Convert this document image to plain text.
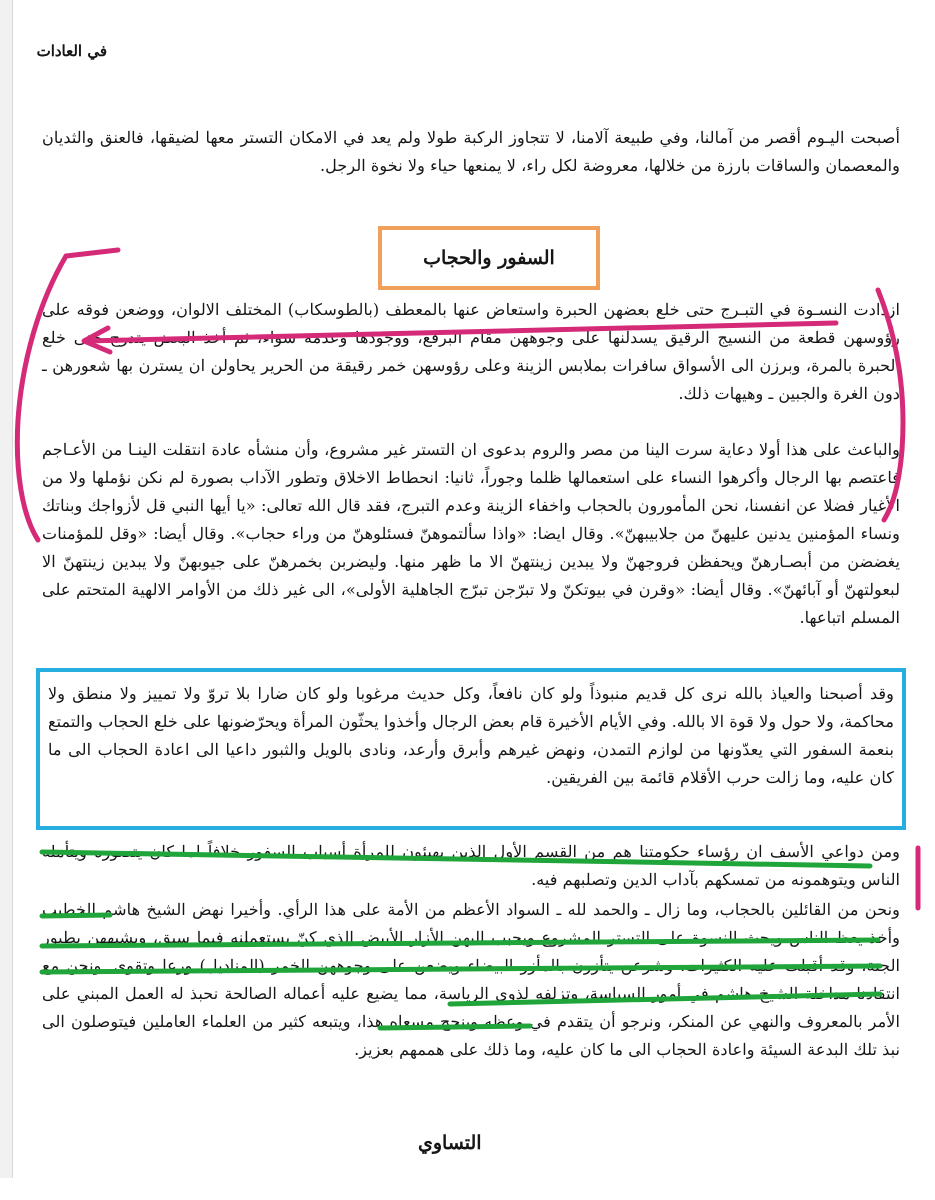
في العادات

أصبحت اليـوم أقصر من آمالنا، وفي طبيعة آلامنا، لا تتجاوز الركبة طولا ولم يعد في الامكان التستر معها لضيقها، فالعنق والثديان والمعصمان والساقات بارزة من خلالها، معروضة لكل راء، لا يمنعها حياء ولا نخوة الرجل.

السفور والحجاب

ازدادت النسـوة في التبـرج حتى خلع بعضهن الحبرة واستعاض عنها بالمعطف (بالطوسكاب) المختلف الالوان، ووضعن فوقه على رؤوسهن قطعة من النسيج الرقيق يسدلنها على وجوههن مقام البرقع، ووجودها وعدمه سواء، ثم أخذ البعض يتدرج حتى خلع الحبرة بالمرة، وبرزن الى الأسواق سافرات بملابس الزينة وعلى رؤوسهن خمر رقيقة من الحرير يحاولن ان يسترن بها شعورهن ـ دون الغرة والجبين ـ وهيهات ذلك.

والباعث على هذا أولا دعاية سرت الينا من مصر والروم بدعوى ان التستر غير مشروع، وأن منشأه عادة انتقلت الينـا من الأعـاجم فاعتصم بها الرجال وأكرهوا النساء على استعمالها ظلما وجوراً، ثانيا: انحطاط الاخلاق وتطور الآداب بصورة لم نكن نؤملها ولا من الأغيار فضلا عن انفسنا، نحن المأمورون بالحجاب واخفاء الزينة وعدم التبرج، فقد قال الله تعالى: «يا أيها النبي قل لأزواجك وبناتك ونساء المؤمنين يدنين عليهنّ من جلابيبهنّ». وقال ايضا: «واذا سألتموهنّ فسئلوهنّ من وراء حجاب». وقال أيضا: «وقل للمؤمنات يغضضن من أبصـارهنّ ويحفظن فروجهنّ ولا يبدين زينتهنّ الا ما ظهر منها. وليضربن بخمرهنّ على جيوبهنّ ولا يبدين زينتهنّ الا لبعولتهنّ أو آبائهنّ». وقال أيضا: «وقرن في بيوتكنّ ولا تبرّجن تبرّج الجاهلية الأولى»، الى غير ذلك من الأوامر الالهية المتحتم على المسلم اتباعها.

وقد أصبحنا والعياذ بالله نرى كل قديم منبوذاً ولو كان نافعاً، وكل حديث مرغوبا ولو كان ضارا بلا تروّ ولا تمييز ولا منطق ولا محاكمة، ولا حول ولا قوة الا بالله. وفي الأيام الأخيرة قام بعض الرجال وأخذوا يحثّون المرأة ويحرّضونها على خلع الحجاب والتمتع بنعمة السفور التي يعدّونها من لوازم التمدن، ونهض غيرهم وأبرق وأرعد، ونادى بالويل والثبور داعيا الى اعادة الحجاب الى ما كان عليه، وما زالت حرب الأقلام قائمة بين الفريقين.

ومن دواعي الأسف ان رؤساء حكومتنا هم من القسم الأول الذين يهيئون للمرأة أسباب السفور خلافاً لما كان يتصوره ويتأمله الناس ويتوهمونه من تمسكهم بآداب الدين وتصلبهم فيه.

ونحن من القائلين بالحجاب، وما زال ـ والحمد لله ـ السواد الأعظم من الأمة على هذا الرأي. وأخيرا نهض الشيخ هاشم الخطيب وأخذ يعظ الناس ويحث النسوة على التستر المشروع ويحبب اليهن الأزار الأبيض الذي كنّ يستعملنه فيما سبق، ويشبههن بطيور الجنة، وقد أقبلت عليه الكثيرات، وشرعن يتأزرن بالمأزر البيضاء ويضعن على وجوههن الخمر (المناديل) ورعا وتقوى. ونحن مع انتقادنا مداخلة الشيخ هاشم في أمور السياسة، وتزلفه لذوي الرياسة، مما يضيع عليه أعماله الصالحة نحبذ له العمل المبني على الأمر بالمعروف والنهي عن المنكر، ونرجو أن يتقدم في وعظه وينجح مسعاه هذا، ويتبعه كثير من العلماء العاملين فيتوصلون الى نبذ تلك البدعة السيئة واعادة الحجاب الى ما كان عليه، وما ذلك على هممهم بعزيز.

التساوي
